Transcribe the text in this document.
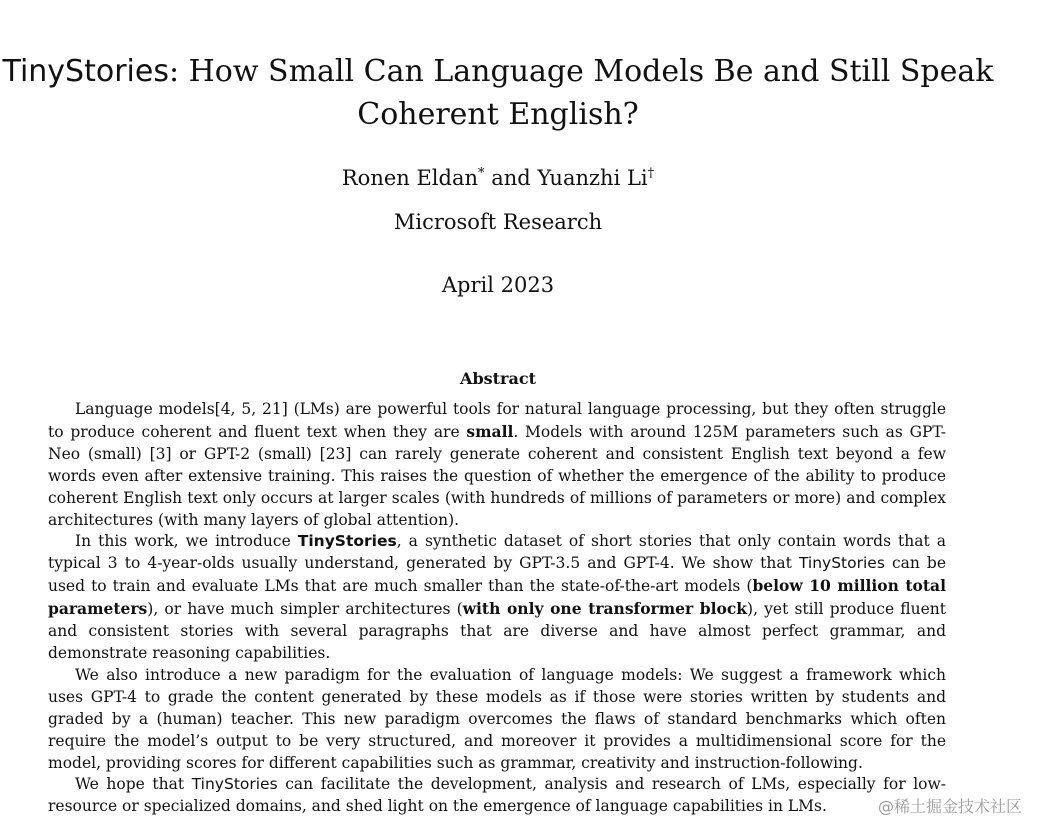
TinyStories: How Small Can Language Models Be and Still Speak Coherent English?
Ronen Eldan* and Yuanzhi Li†
Microsoft Research
April 2023
Abstract

Language models[4, 5, 21] (LMs) are powerful tools for natural language processing, but they often struggle to produce coherent and fluent text when they are small. Models with around 125M parameters such as GPT-Neo (small) [3] or GPT-2 (small) [23] can rarely generate coherent and consistent English text beyond a few words even after extensive training. This raises the question of whether the emergence of the ability to produce coherent English text only occurs at larger scales (with hundreds of millions of parameters or more) and complex architectures (with many layers of global attention).

In this work, we introduce TinyStories, a synthetic dataset of short stories that only contain words that a typical 3 to 4-year-olds usually understand, generated by GPT-3.5 and GPT-4. We show that TinyStories can be used to train and evaluate LMs that are much smaller than the state-of-the-art models (below 10 million total parameters), or have much simpler architectures (with only one transformer block), yet still produce fluent and consistent stories with several paragraphs that are diverse and have almost perfect grammar, and demonstrate reasoning capabilities.

We also introduce a new paradigm for the evaluation of language models: We suggest a framework which uses GPT-4 to grade the content generated by these models as if those were stories written by students and graded by a (human) teacher. This new paradigm overcomes the flaws of standard benchmarks which often require the model’s output to be very structured, and moreover it provides a multidimensional score for the model, providing scores for different capabilities such as grammar, creativity and instruction-following.

We hope that TinyStories can facilitate the development, analysis and research of LMs, especially for low-resource or specialized domains, and shed light on the emergence of language capabilities in LMs.	@稀土掘金技术社区
